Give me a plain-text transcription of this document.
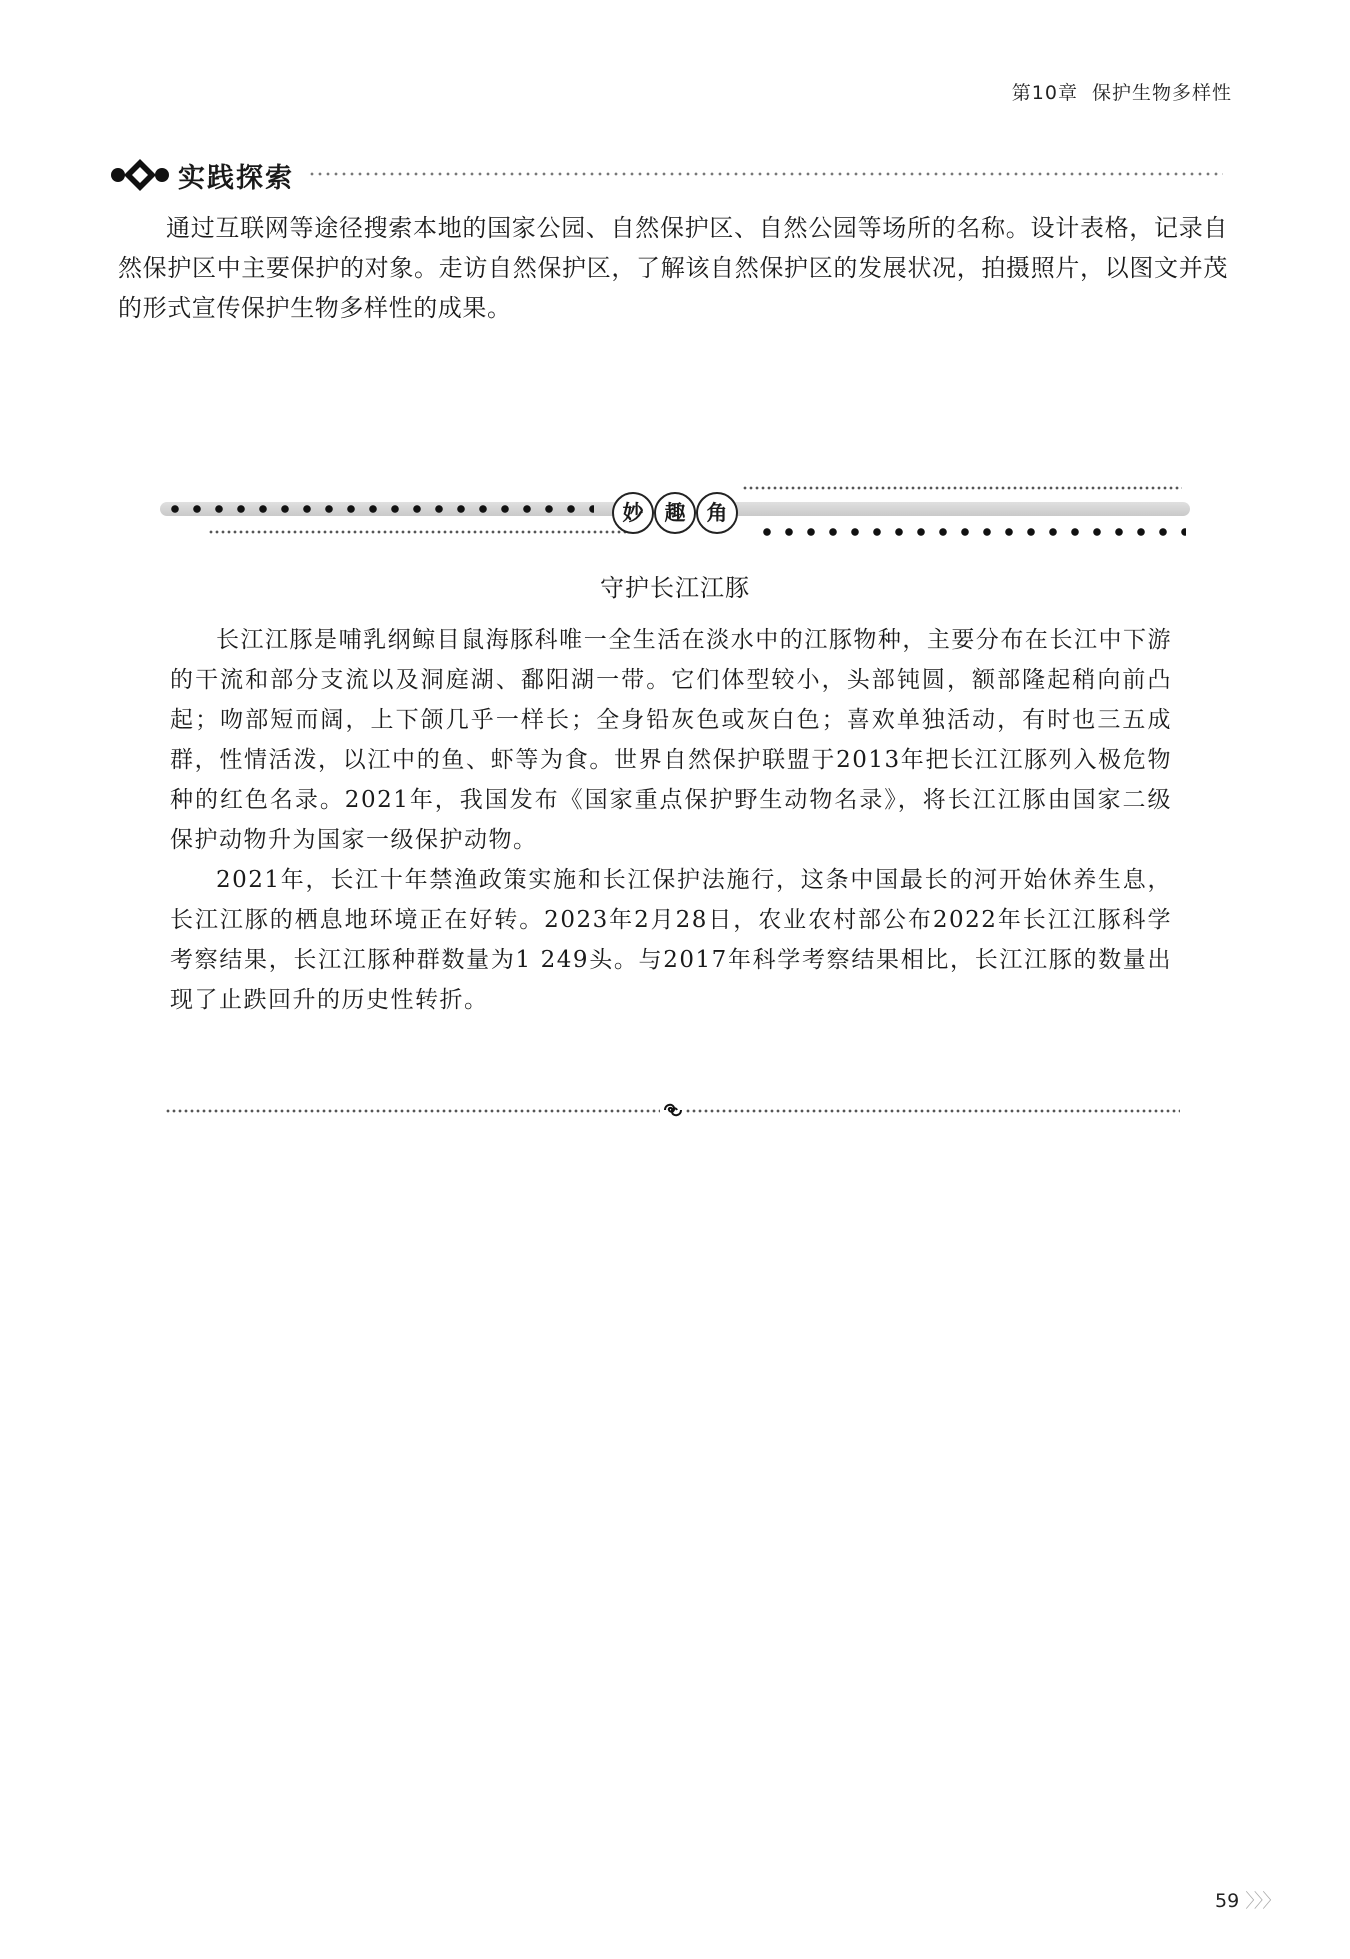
第10章 保护生物多样性
实践探索
通过互联网等途径搜索本地的国家公园、自然保护区、自然公园等场所的名称。设计表格，记录自然保护区中主要保护的对象。走访自然保护区，了解该自然保护区的发展状况，拍摄照片，以图文并茂的形式宣传保护生物多样性的成果。
妙	趣	角
守护长江江豚

长江江豚是哺乳纲鲸目鼠海豚科唯一全生活在淡水中的江豚物种，主要分布在长江中下游的干流和部分支流以及洞庭湖、鄱阳湖一带。它们体型较小，头部钝圆，额部隆起稍向前凸起；吻部短而阔，上下颌几乎一样长；全身铅灰色或灰白色；喜欢单独活动，有时也三五成群，性情活泼，以江中的鱼、虾等为食。世界自然保护联盟于2013年把长江江豚列入极危物种的红色名录。2021年，我国发布《国家重点保护野生动物名录》，将长江江豚由国家二级保护动物升为国家一级保护动物。

2021年，长江十年禁渔政策实施和长江保护法施行，这条中国最长的河开始休养生息，长江江豚的栖息地环境正在好转。2023年2月28日，农业农村部公布2022年长江江豚科学考察结果，长江江豚种群数量为1 249头。与2017年科学考察结果相比，长江江豚的数量出现了止跌回升的历史性转折。

59 〉〉〉
